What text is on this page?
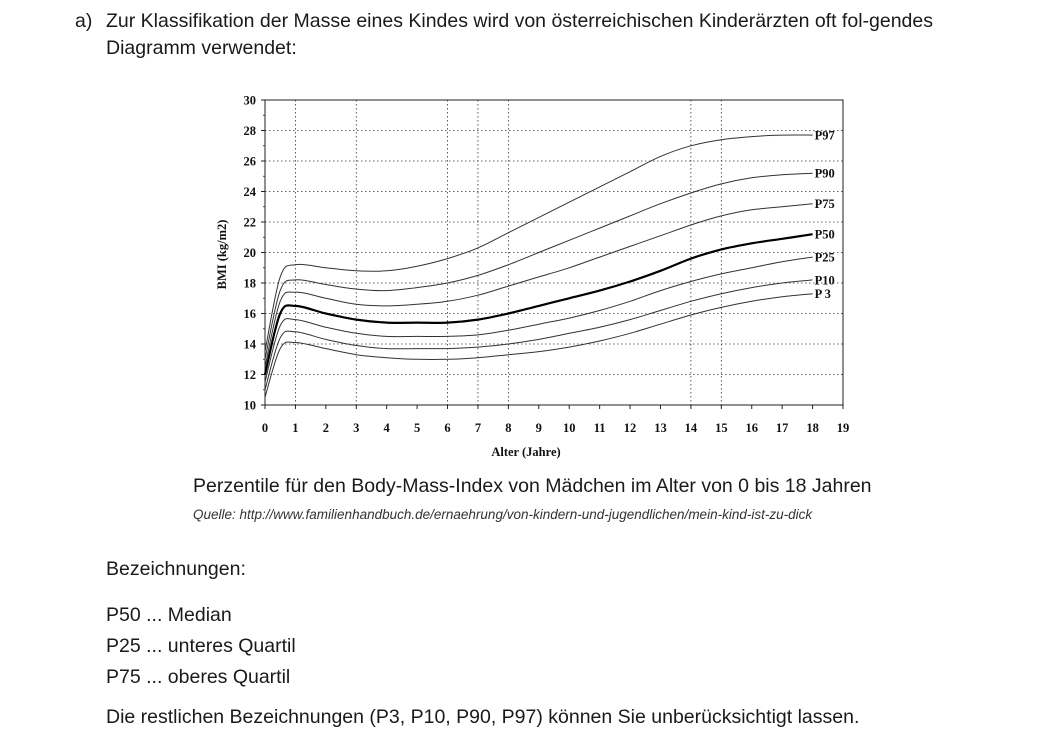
a) Zur Klassifikation der Masse eines Kindes wird von österreichischen Kinderärzten oft fol-gendes Diagramm verwendet:
10
12
14
16
18
20
22
24
26
28
30
0 1 2 3 4 5 6 7 8 9 10 11 12 13 14 15 16 17 18 19
Alter (Jahre)
BMI (kg/m2)
P97
P90
P75
P50
P25
P10
P 3
Perzentile für den Body-Mass-Index von Mädchen im Alter von 0 bis 18 Jahren
Quelle: http://www.familienhandbuch.de/ernaehrung/von-kindern-und-jugendlichen/mein-kind-ist-zu-dick
Bezeichnungen:
P50 ... Median
P25 ... unteres Quartil
P75 ... oberes Quartil
Die restlichen Bezeichnungen (P3, P10, P90, P97) können Sie unberücksichtigt lassen.
